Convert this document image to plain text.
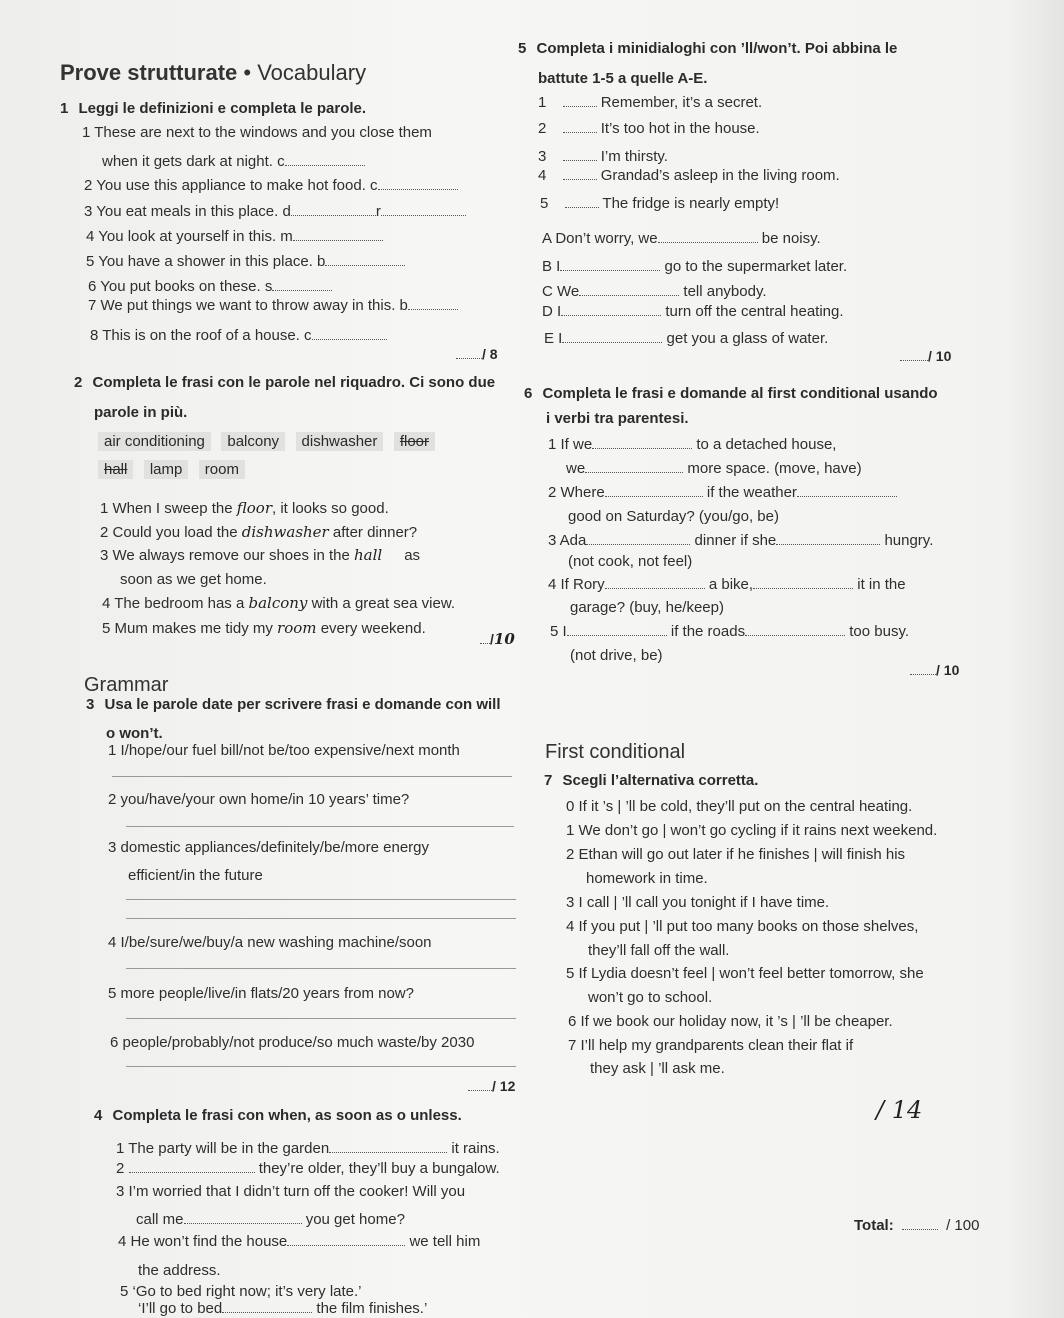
Prove strutturate • Vocabulary
1 Leggi le definizioni e completa le parole.
1 These are next to the windows and you close them
when it gets dark at night. c
2 You use this appliance to make hot food. c
3 You eat meals in this place. d	r
4 You look at yourself in this. m
5 You have a shower in this place. b
6 You put books on these. s
7 We put things we want to throw away in this. b
8 This is on the roof of a house. c
/ 8
2 Completa le frasi con le parole nel riquadro. Ci sono due
parole in più.
air conditioning balcony dishwasher floor
hall lamp room
1 When I sweep the floor, it looks so good.
2 Could you load the dishwasher after dinner?
3 We always remove our shoes in the hall as
soon as we get home.
4 The bedroom has a balcony with a great sea view.
5 Mum makes me tidy my room every weekend.
/10
Grammar
3 Usa le parole date per scrivere frasi e domande con will
o won’t.
1 I/hope/our fuel bill/not be/too expensive/next month
2 you/have/your own home/in 10 years’ time?
3 domestic appliances/definitely/be/more energy
efficient/in the future
4 I/be/sure/we/buy/a new washing machine/soon
5 more people/live/in flats/20 years from now?
6 people/probably/not produce/so much waste/by 2030
/ 12
4 Completa le frasi con when, as soon as o unless.
1 The party will be in the garden	it rains.
2	they’re older, they’ll buy a bungalow.
3 I’m worried that I didn’t turn off the cooker! Will you
call me	you get home?
4 He won’t find the house	we tell him
the address.
5 ‘Go to bed right now; it’s very late.’
‘I’ll go to bed	the film finishes.’
5 Completa i minidialoghi con ’ll/won’t. Poi abbina le
battute 1-5 a quelle A-E.
1	Remember, it’s a secret.
2	It’s too hot in the house.
3	I’m thirsty.
4	Grandad’s asleep in the living room.
5	The fridge is nearly empty!
A Don’t worry, we	be noisy.
B I	go to the supermarket later.
C We	tell anybody.
D I	turn off the central heating.
E I	get you a glass of water.
/ 10
6 Completa le frasi e domande al first conditional usando
i verbi tra parentesi.
1 If we	to a detached house,
we	more space. (move, have)
2 Where	if the weather
good on Saturday? (you/go, be)
3 Ada	dinner if she	hungry.
(not cook, not feel)
4 If Rory	a bike,	it in the
garage? (buy, he/keep)
5 I	if the roads	too busy.
(not drive, be)
/ 10
First conditional
7 Scegli l’alternativa corretta.
0 If it ’s | ’ll be cold, they’ll put on the central heating.
1 We don’t go | won’t go cycling if it rains next weekend.
2 Ethan will go out later if he finishes | will finish his
homework in time.
3 I call | ’ll call you tonight if I have time.
4 If you put | ’ll put too many books on those shelves,
they’ll fall off the wall.
5 If Lydia doesn’t feel | won’t feel better tomorrow, she
won’t go to school.
6 If we book our holiday now, it ’s | ’ll be cheaper.
7 I’ll help my grandparents clean their flat if
they ask | ’ll ask me.
/ 14
Total:	/ 100
